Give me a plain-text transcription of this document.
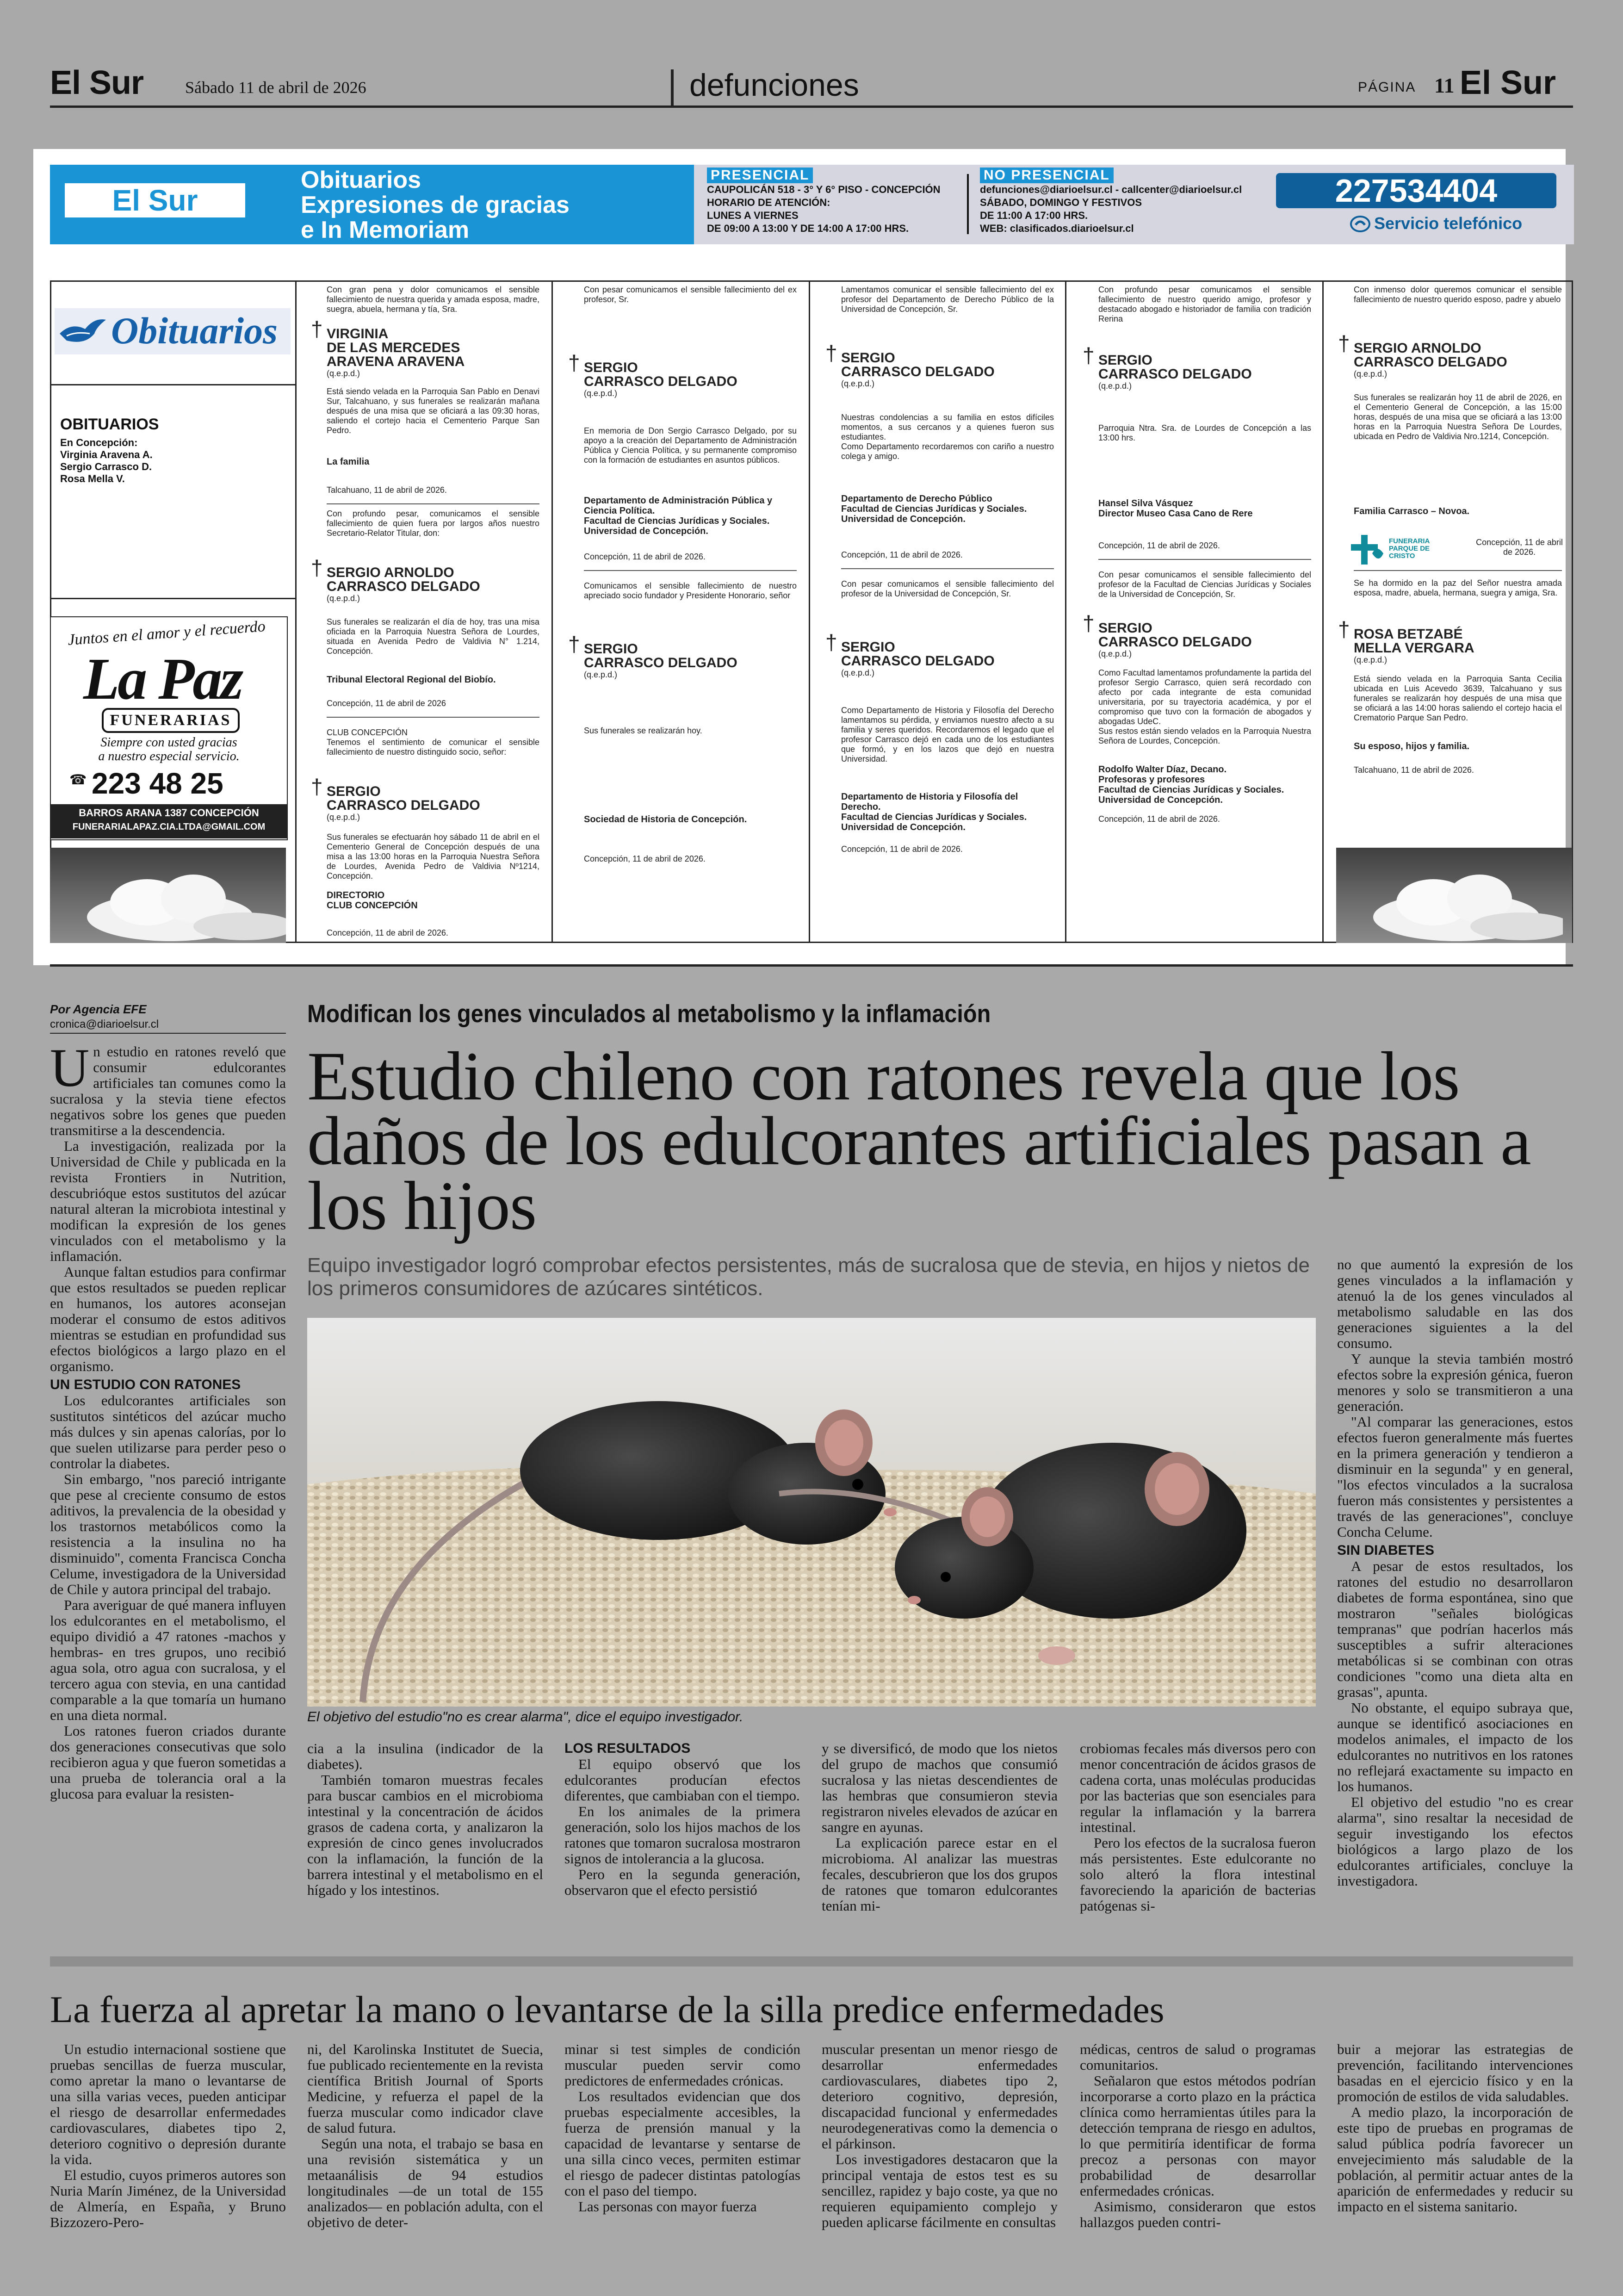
El Sur Sábado 11 de abril de 2026	defunciones	PÁGINA 11 El Sur
El Sur
Obituarios
Expresiones de gracias
e In Memoriam
PRESENCIAL
CAUPOLICÁN 518 - 3° Y 6° PISO - CONCEPCIÓN
HORARIO DE ATENCIÓN:
LUNES A VIERNES
DE 09:00 A 13:00 Y DE 14:00 A 17:00 HRS.
NO PRESENCIAL
defunciones@diarioelsur.cl - callcenter@diarioelsur.cl
SÁBADO, DOMINGO Y FESTIVOS
DE 11:00 A 17:00 HRS.
WEB: clasificados.diarioelsur.cl
227534404
Servicio telefónico
Obituarios
OBITUARIOS
En Concepción:
Virginia Aravena A.
Sergio Carrasco D.
Rosa Mella V.
Juntos en el amor y el recuerdo
La Paz
FUNERARIAS
Siempre con usted gracias
a nuestro especial servicio.
☎ 223 48 25
BARROS ARANA 1387 CONCEPCIÓN
FUNERARIALAPAZ.CIA.LTDA@GMAIL.COM
Con gran pena y dolor comunicamos el sensible fallecimiento de nuestra querida y amada esposa, madre, suegra, abuela, hermana y tía, Sra.
† VIRGINIA
DE LAS MERCEDES
ARAVENA ARAVENA
(q.e.p.d.)
Está siendo velada en la Parroquia San Pablo en Denavi Sur, Talcahuano, y sus funerales se realizarán mañana después de una misa que se oficiará a las 09:30 horas, saliendo el cortejo hacia el Cementerio Parque San Pedro.
La familia
Talcahuano, 11 de abril de 2026.
Con profundo pesar, comunicamos el sensible fallecimiento de quien fuera por largos años nuestro Secretario-Relator Titular, don:
† SERGIO ARNOLDO
CARRASCO DELGADO
(q.e.p.d.)
Sus funerales se realizarán el día de hoy, tras una misa oficiada en la Parroquia Nuestra Señora de Lourdes, situada en Avenida Pedro de Valdivia N° 1.214, Concepción.
Tribunal Electoral Regional del Biobío.
Concepción, 11 de abril de 2026
CLUB CONCEPCIÓN
Tenemos el sentimiento de comunicar el sensible fallecimiento de nuestro distinguido socio, señor:
† SERGIO
CARRASCO DELGADO
(q.e.p.d.)
Sus funerales se efectuarán hoy sábado 11 de abril en el Cementerio General de Concepción después de una misa a las 13:00 horas en la Parroquia Nuestra Señora de Lourdes, Avenida Pedro de Valdivia Nº1214, Concepción.
DIRECTORIO
CLUB CONCEPCIÓN
Concepción, 11 de abril de 2026.
Con pesar comunicamos el sensible fallecimiento del ex profesor, Sr.
† SERGIO
CARRASCO DELGADO
(q.e.p.d.)
En memoria de Don Sergio Carrasco Delgado, por su apoyo a la creación del Departamento de Administración Pública y Ciencia Política, y su permanente compromiso con la formación de estudiantes en asuntos públicos.
Departamento de Administración Pública y Ciencia Política.
Facultad de Ciencias Jurídicas y Sociales.
Universidad de Concepción.
Concepción, 11 de abril de 2026.
Comunicamos el sensible fallecimiento de nuestro apreciado socio fundador y Presidente Honorario, señor
† SERGIO
CARRASCO DELGADO
(q.e.p.d.)
Sus funerales se realizarán hoy.
Sociedad de Historia de Concepción.
Concepción, 11 de abril de 2026.
Lamentamos comunicar el sensible fallecimiento del ex profesor del Departamento de Derecho Público de la Universidad de Concepción, Sr.
† SERGIO
CARRASCO DELGADO
(q.e.p.d.)
Nuestras condolencias a su familia en estos difíciles momentos, a sus cercanos y a quienes fueron sus estudiantes.
Como Departamento recordaremos con cariño a nuestro colega y amigo.
Departamento de Derecho Público
Facultad de Ciencias Jurídicas y Sociales.
Universidad de Concepción.
Concepción, 11 de abril de 2026.
Con pesar comunicamos el sensible fallecimiento del profesor de la Universidad de Concepción, Sr.
† SERGIO
CARRASCO DELGADO
(q.e.p.d.)
Como Departamento de Historia y Filosofía del Derecho lamentamos su pérdida, y enviamos nuestro afecto a su familia y seres queridos. Recordaremos el legado que el profesor Carrasco dejó en cada uno de los estudiantes que formó, y en los lazos que dejó en nuestra Universidad.
Departamento de Historia y Filosofía del Derecho.
Facultad de Ciencias Jurídicas y Sociales.
Universidad de Concepción.
Concepción, 11 de abril de 2026.
Con profundo pesar comunicamos el sensible fallecimiento de nuestro querido amigo, profesor y destacado abogado e historiador de familia con tradición Rerina
† SERGIO
CARRASCO DELGADO
(q.e.p.d.)
Parroquia Ntra. Sra. de Lourdes de Concepción a las 13:00 hrs.
Hansel Silva Vásquez
Director Museo Casa Cano de Rere
Concepción, 11 de abril de 2026.
Con pesar comunicamos el sensible fallecimiento del profesor de la Facultad de Ciencias Jurídicas y Sociales de la Universidad de Concepción, Sr.
† SERGIO
CARRASCO DELGADO
(q.e.p.d.)
Como Facultad lamentamos profundamente la partida del profesor Sergio Carrasco, quien será recordado con afecto por cada integrante de esta comunidad universitaria, por su trayectoria académica, y por el compromiso que tuvo con la formación de abogados y abogadas UdeC.
Sus restos están siendo velados en la Parroquia Nuestra Señora de Lourdes, Concepción.
Rodolfo Walter Díaz, Decano.
Profesoras y profesores
Facultad de Ciencias Jurídicas y Sociales.
Universidad de Concepción.
Concepción, 11 de abril de 2026.
Con inmenso dolor queremos comunicar el sensible fallecimiento de nuestro querido esposo, padre y abuelo
† SERGIO ARNOLDO
CARRASCO DELGADO
(q.e.p.d.)
Sus funerales se realizarán hoy 11 de abril de 2026, en el Cementerio General de Concepción, a las 15:00 horas, después de una misa que se oficiará a las 13:00 horas en la Parroquia Nuestra Señora De Lourdes, ubicada en Pedro de Valdivia Nro.1214, Concepción.
Familia Carrasco – Novoa.
FUNERARIA PARQUE DE CRISTO
Concepción, 11 de abril de 2026.
Se ha dormido en la paz del Señor nuestra amada esposa, madre, abuela, hermana, suegra y amiga, Sra.
† ROSA BETZABÉ
MELLA VERGARA
(q.e.p.d.)
Está siendo velada en la Parroquia Santa Cecilia ubicada en Luis Acevedo 3639, Talcahuano y sus funerales se realizarán hoy después de una misa que se oficiará a las 14:00 horas saliendo el cortejo hacia el Crematorio Parque San Pedro.
Su esposo, hijos y familia.
Talcahuano, 11 de abril de 2026.
Por Agencia EFE
cronica@diarioelsur.cl	Modifican los genes vinculados al metabolismo y la inflamación
Estudio chileno con ratones revela que los daños de los edulcorantes artificiales pasan a los hijos
Equipo investigador logró comprobar efectos persistentes, más de sucralosa que de stevia, en hijos y nietos de los primeros consumidores de azúcares sintéticos.

Un estudio en ratones reveló que consumir edulcorantes artificiales tan comunes como la sucralosa y la stevia tiene efectos negativos sobre los genes que pueden transmitirse a la descendencia.

La investigación, realizada por la Universidad de Chile y publicada en la revista Frontiers in Nutrition, descubrióque estos sustitutos del azúcar natural alteran la microbiota intestinal y modifican la expresión de los genes vinculados con el metabolismo y la inflamación.

Aunque faltan estudios para confirmar que estos resultados se pueden replicar en humanos, los autores aconsejan moderar el consumo de estos aditivos mientras se estudian en profundidad sus efectos biológicos a largo plazo en el organismo.

UN ESTUDIO CON RATONES

Los edulcorantes artificiales son sustitutos sintéticos del azúcar mucho más dulces y sin apenas calorías, por lo que suelen utilizarse para perder peso o controlar la diabetes.

Sin embargo, "nos pareció intrigante que pese al creciente consumo de estos aditivos, la prevalencia de la obesidad y los trastornos metabólicos como la resistencia a la insulina no ha disminuido", comenta Francisca Concha Celume, investigadora de la Universidad de Chile y autora principal del trabajo.

Para averiguar de qué manera influyen los edulcorantes en el metabolismo, el equipo dividió a 47 ratones -machos y hembras- en tres grupos, uno recibió agua sola, otro agua con sucralosa, y el tercero agua con stevia, en una cantidad comparable a la que tomaría un humano en una dieta normal.

Los ratones fueron criados durante dos generaciones consecutivas que solo recibieron agua y que fueron sometidas a una prueba de tolerancia oral a la glucosa para evaluar la resisten-

El objetivo del estudio"no es crear alarma", dice el equipo investigador.

cia a la insulina (indicador de la diabetes).

También tomaron muestras fecales para buscar cambios en el microbioma intestinal y la concentración de ácidos grasos de cadena corta, y analizaron la expresión de cinco genes involucrados con la inflamación, la función de la barrera intestinal y el metabolismo en el hígado y los intestinos.

LOS RESULTADOS

El equipo observó que los edulcorantes producían efectos diferentes, que cambiaban con el tiempo.

En los animales de la primera generación, solo los hijos machos de los ratones que tomaron sucralosa mostraron signos de intolerancia a la glucosa.

Pero en la segunda generación, observaron que el efecto persistió

y se diversificó, de modo que los nietos del grupo de machos que consumió sucralosa y las nietas descendientes de las hembras que consumieron stevia registraron niveles elevados de azúcar en sangre en ayunas.

La explicación parece estar en el microbioma. Al analizar las muestras fecales, descubrieron que los dos grupos de ratones que tomaron edulcorantes tenían mi-

crobiomas fecales más diversos pero con menor concentración de ácidos grasos de cadena corta, unas moléculas producidas por las bacterias que son esenciales para regular la inflamación y la barrera intestinal.

Pero los efectos de la sucralosa fueron más persistentes. Este edulcorante no solo alteró la flora intestinal favoreciendo la aparición de bacterias patógenas si-

no que aumentó la expresión de los genes vinculados a la inflamación y atenuó la de los genes vinculados al metabolismo saludable en las dos generaciones siguientes a la del consumo.

Y aunque la stevia también mostró efectos sobre la expresión génica, fueron menores y solo se transmitieron a una generación.

"Al comparar las generaciones, estos efectos fueron generalmente más fuertes en la primera generación y tendieron a disminuir en la segunda" y en general, "los efectos vinculados a la sucralosa fueron más consistentes y persistentes a través de las generaciones", concluye Concha Celume.

SIN DIABETES

A pesar de estos resultados, los ratones del estudio no desarrollaron diabetes de forma espontánea, sino que mostraron "señales biológicas tempranas" que podrían hacerlos más susceptibles a sufrir alteraciones metabólicas si se combinan con otras condiciones "como una dieta alta en grasas", apunta.

No obstante, el equipo subraya que, aunque se identificó asociaciones en modelos animales, el impacto de los edulcorantes no nutritivos en los ratones no reflejará exactamente su impacto en los humanos.

El objetivo del estudio "no es crear alarma", sino resaltar la necesidad de seguir investigando los efectos biológicos a largo plazo de los edulcorantes artificiales, concluye la investigadora.

La fuerza al apretar la mano o levantarse de la silla predice enfermedades

Un estudio internacional sostiene que pruebas sencillas de fuerza muscular, como apretar la mano o levantarse de una silla varias veces, pueden anticipar el riesgo de desarrollar enfermedades cardiovasculares, diabetes tipo 2, deterioro cognitivo o depresión durante la vida.

El estudio, cuyos primeros autores son Nuria Marín Jiménez, de la Universidad de Almería, en España, y Bruno Bizzozero-Pero-

ni, del Karolinska Institutet de Suecia, fue publicado recientemente en la revista científica British Journal of Sports Medicine, y refuerza el papel de la fuerza muscular como indicador clave de salud futura.

Según una nota, el trabajo se basa en una revisión sistemática y un metaanálisis de 94 estudios longitudinales —de un total de 155 analizados— en población adulta, con el objetivo de deter-

minar si test simples de condición muscular pueden servir como predictores de enfermedades crónicas.

Los resultados evidencian que dos pruebas especialmente accesibles, la fuerza de prensión manual y la capacidad de levantarse y sentarse de una silla cinco veces, permiten estimar el riesgo de padecer distintas patologías con el paso del tiempo.

Las personas con mayor fuerza

muscular presentan un menor riesgo de desarrollar enfermedades cardiovasculares, diabetes tipo 2, deterioro cognitivo, depresión, discapacidad funcional y enfermedades neurodegenerativas como la demencia o el párkinson.

Los investigadores destacaron que la principal ventaja de estos test es su sencillez, rapidez y bajo coste, ya que no requieren equipamiento complejo y pueden aplicarse fácilmente en consultas

médicas, centros de salud o programas comunitarios.

Señalaron que estos métodos podrían incorporarse a corto plazo en la práctica clínica como herramientas útiles para la detección temprana de riesgo en adultos, lo que permitiría identificar de forma precoz a personas con mayor probabilidad de desarrollar enfermedades crónicas.

Asimismo, consideraron que estos hallazgos pueden contri-

buir a mejorar las estrategias de prevención, facilitando intervenciones basadas en el ejercicio físico y en la promoción de estilos de vida saludables.

A medio plazo, la incorporación de este tipo de pruebas en programas de salud pública podría favorecer un envejecimiento más saludable de la población, al permitir actuar antes de la aparición de enfermedades y reducir su impacto en el sistema sanitario.
